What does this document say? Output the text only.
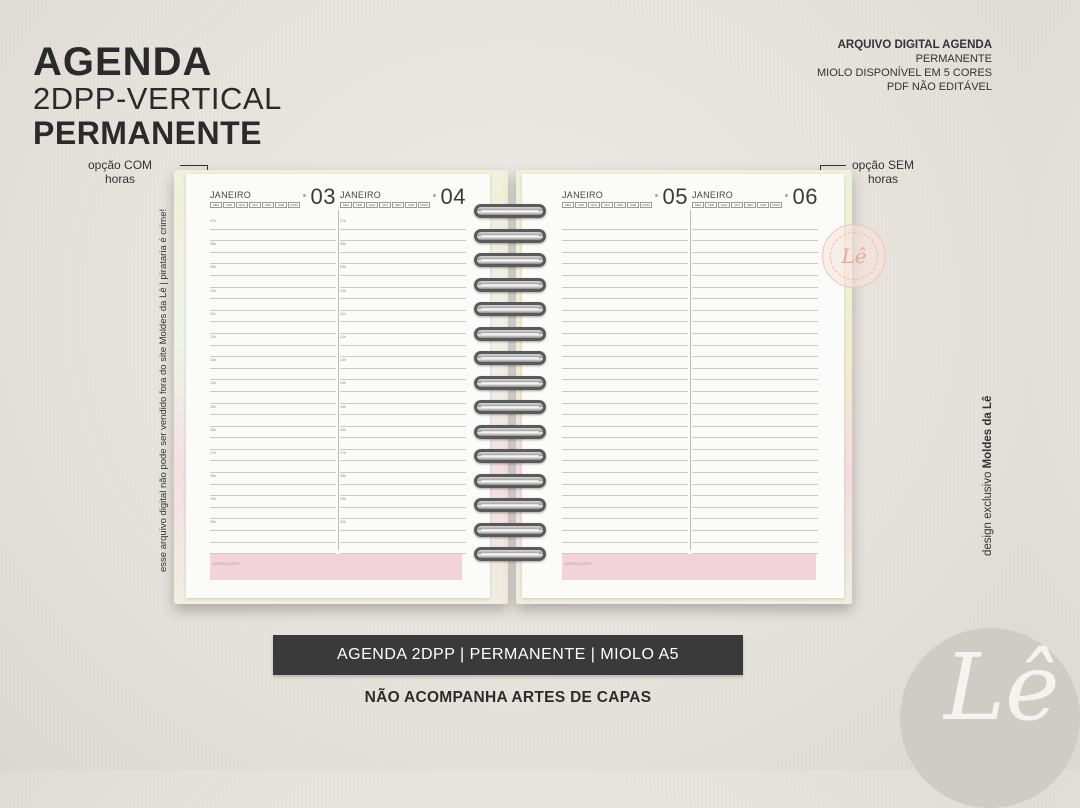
AGENDA
2DPP-VERTICAL
PERMANENTE
ARQUIVO DIGITAL AGENDA
PERMANENTE
MIOLO DISPONÍVEL EM 5 CORES
PDF NÃO EDITÁVEL
opção COM
horas
opção SEM
horas
esse arquivo digital não pode ser vendido fora do site Moldes da Lê | pirataria é crime!	design exclusivo Moldes da Lê
JANEIRO	03
SEG	TER	QUA	QUI	SEX	SAB	DOM
07h
08h
09h
10h
11h
12h
13h
14h
15h
16h
17h
18h
19h
20h
JANEIRO	04
SEG	TER	QUA	QUI	SEX	SAB	DOM
07h
08h
09h
10h
11h
12h
13h
14h
15h
16h
17h
18h
19h
20h
ANOTAÇÕES
JANEIRO	05
SEG	TER	QUA	QUI	SEX	SAB	DOM
JANEIRO	06
SEG	TER	QUA	QUI	SEX	SAB	DOM
ANOTAÇÕES
Lê
AGENDA 2DPP | PERMANENTE | MIOLO A5
NÃO ACOMPANHA ARTES DE CAPAS	Lê
